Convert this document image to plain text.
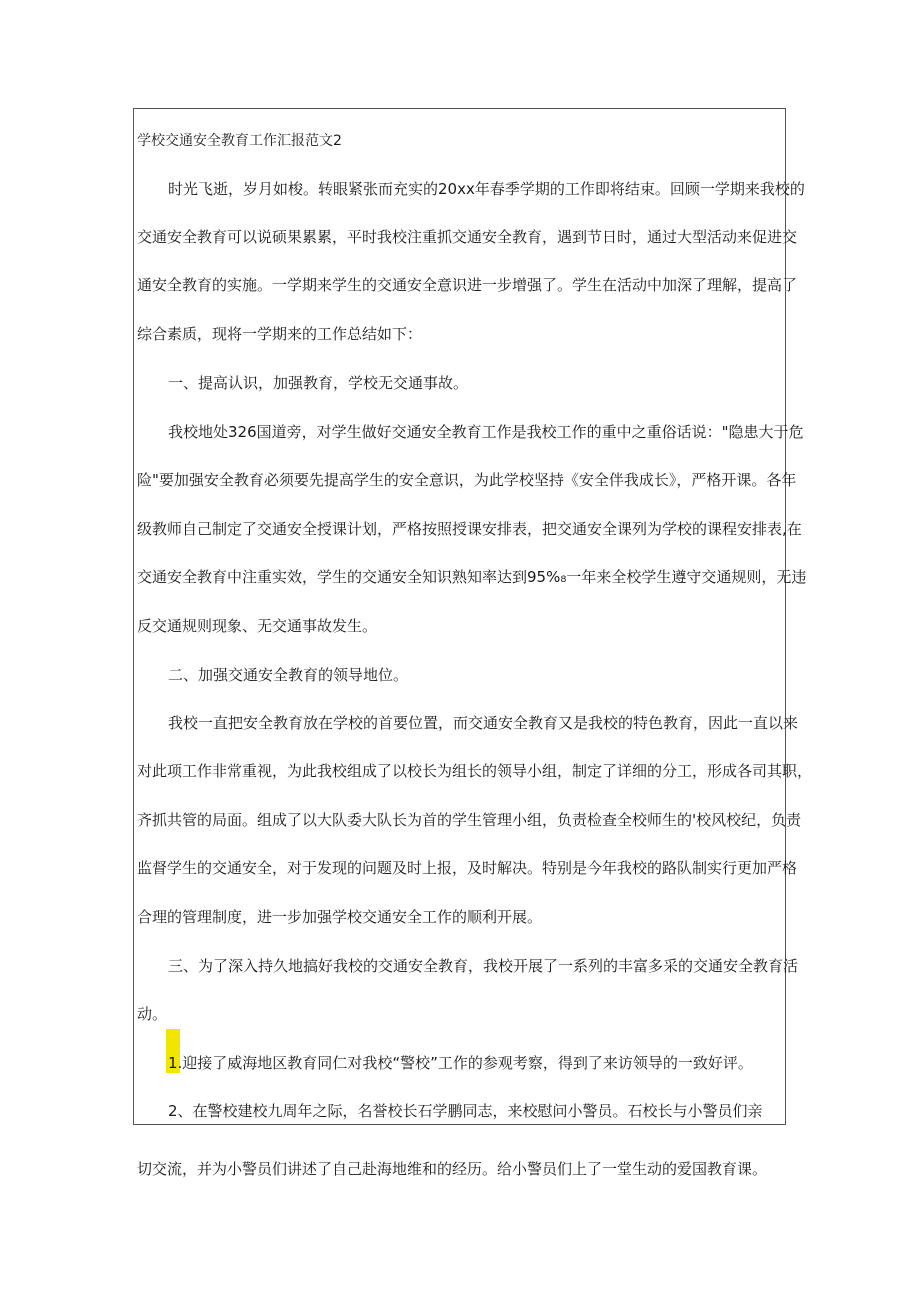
学校交通安全教育工作汇报范文2
时光飞逝，岁月如梭。转眼紧张而充实的20xx年春季学期的工作即将结束。回顾一学期来我校的
交通安全教育可以说硕果累累，平时我校注重抓交通安全教育，遇到节日时，通过大型活动来促进交
通安全教育的实施。一学期来学生的交通安全意识进一步增强了。学生在活动中加深了理解，提高了
综合素质，现将一学期来的工作总结如下：
一、提高认识，加强教育，学校无交通事故。
我校地处326国道旁，对学生做好交通安全教育工作是我校工作的重中之重俗话说："隐患大于危
险"要加强安全教育必须要先提高学生的安全意识，为此学校坚持《安全伴我成长》，严格开课。各年
级教师自己制定了交通安全授课计划，严格按照授课安排表，把交通安全课列为学校的课程安排表,在
交通安全教育中注重实效，学生的交通安全知识熟知率达到95%₈一年来全校学生遵守交通规则，无违
反交通规则现象、无交通事故发生。
二、加强交通安全教育的领导地位。
我校一直把安全教育放在学校的首要位置，而交通安全教育又是我校的特色教育，因此一直以来
对此项工作非常重视，为此我校组成了以校长为组长的领导小组，制定了详细的分工，形成各司其职，
齐抓共管的局面。组成了以大队委大队长为首的学生管理小组，负责检查全校师生的'校风校纪，负责
监督学生的交通安全，对于发现的问题及时上报，及时解决。特别是今年我校的路队制实行更加严格
合理的管理制度，进一步加强学校交通安全工作的顺利开展。
三、为了深入持久地搞好我校的交通安全教育，我校开展了一系列的丰富多采的交通安全教育活
动。
1.迎接了威海地区教育同仁对我校“警校”工作的参观考察，得到了来访领导的一致好评。
2、在警校建校九周年之际，名誉校长石学鹏同志，来校慰问小警员。石校长与小警员们亲
切交流，并为小警员们讲述了自己赴海地维和的经历。给小警员们上了一堂生动的爱国教育课。
